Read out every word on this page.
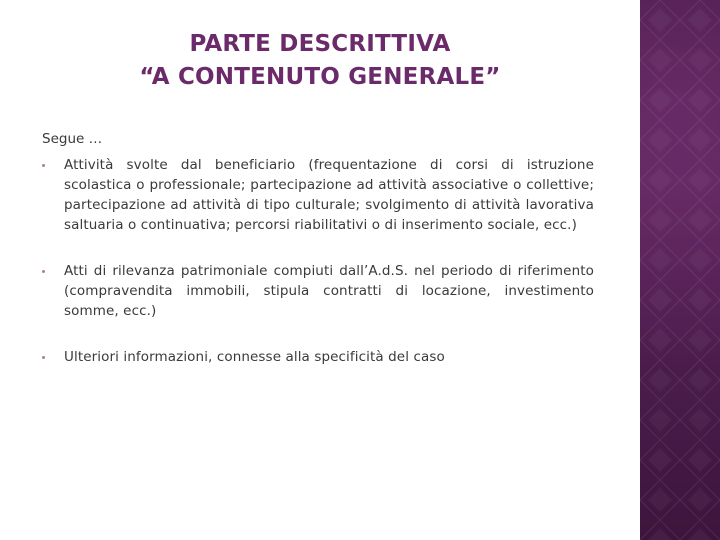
PARTE DESCRITTIVA
“A CONTENUTO GENERALE”
Segue …
Attività svolte dal beneficiario (frequentazione di corsi di istruzione scolastica o professionale; partecipazione ad attività associative o collettive; partecipazione ad attività di tipo culturale; svolgimento di attività lavorativa saltuaria o continuativa; percorsi riabilitativi o di inserimento sociale, ecc.)
Atti di rilevanza patrimoniale compiuti dall’A.d.S. nel periodo di riferimento (compravendita immobili, stipula contratti di locazione, investimento somme, ecc.)
Ulteriori informazioni, connesse alla specificità del caso
